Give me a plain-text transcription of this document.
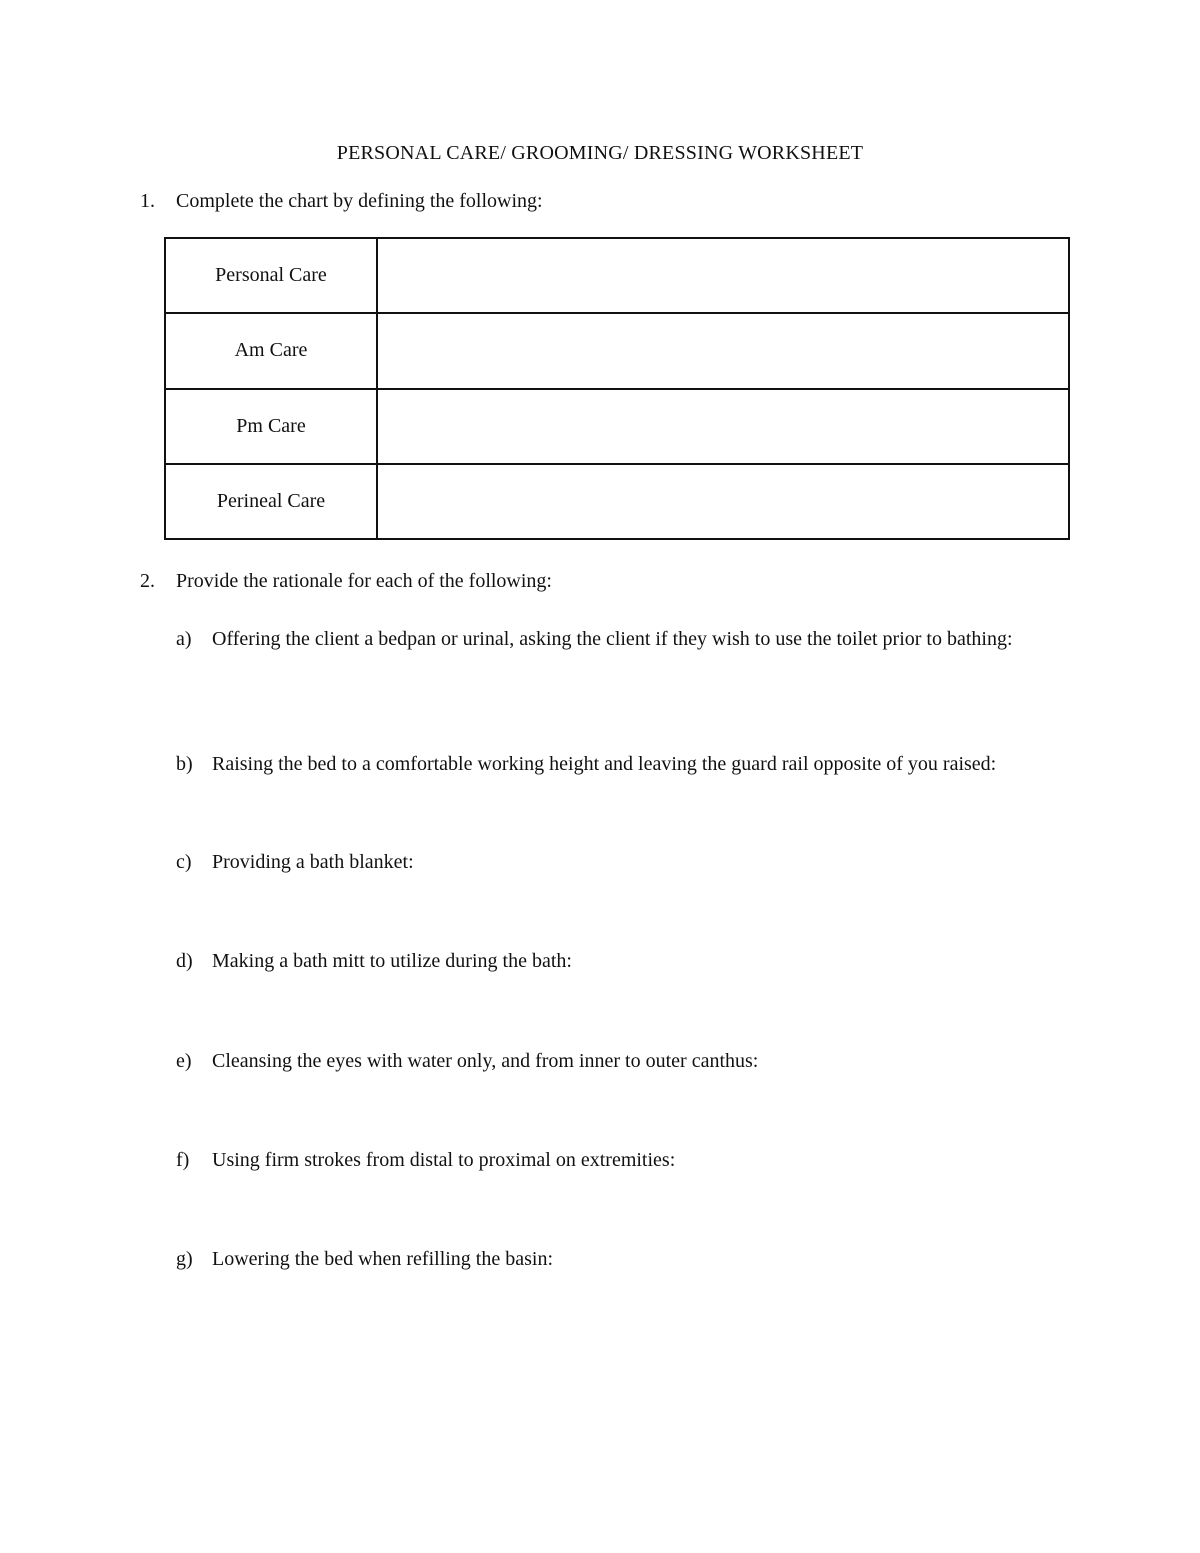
PERSONAL CARE/ GROOMING/ DRESSING WORKSHEET
1. Complete the chart by defining the following:
Personal Care	
Am Care	
Pm Care	
Perineal Care	
2. Provide the rationale for each of the following:
a)	Offering the client a bedpan or urinal, asking the client if they wish to use the toilet prior to bathing:
b) Raising the bed to a comfortable working height and leaving the guard rail opposite of you raised:
c)	Providing a bath blanket:
d) Making a bath mitt to utilize during the bath:
e)	Cleansing the eyes with water only, and from inner to outer canthus:
f)	Using firm strokes from distal to proximal on extremities:
g) Lowering the bed when refilling the basin:
